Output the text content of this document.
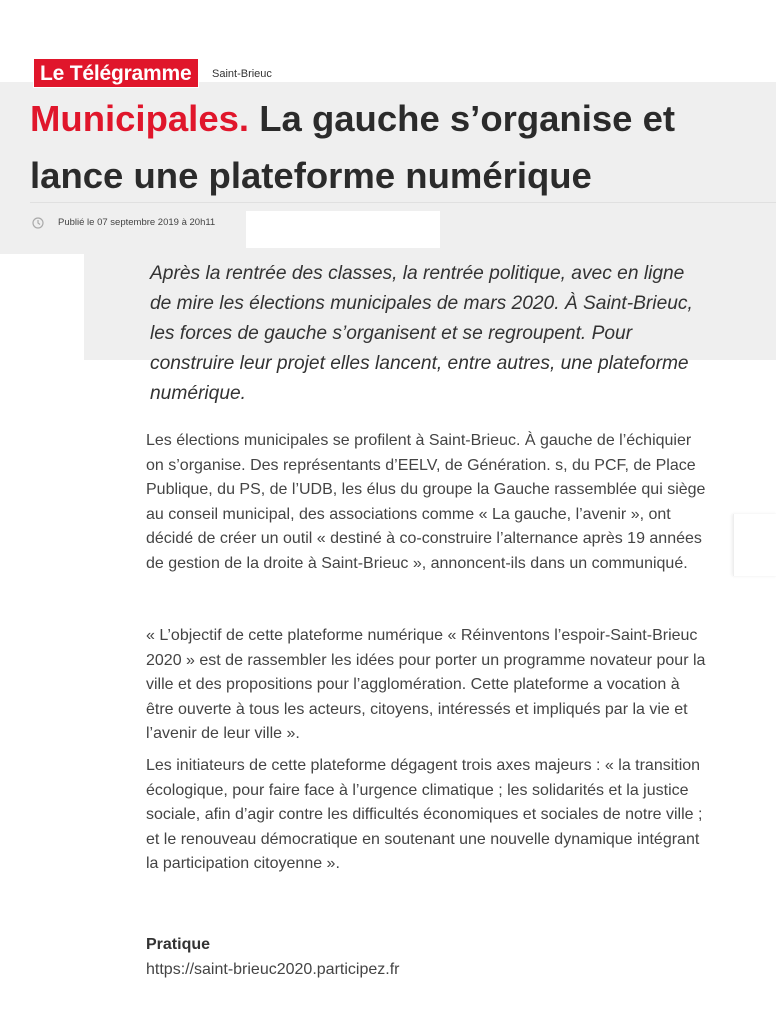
Le Télégramme	Saint-Brieuc
Municipales. La gauche s’organise et
lance une plateforme numérique
Publié le 07 septembre 2019 à 20h11

Après la rentrée des classes, la rentrée politique, avec en ligne de mire les élections municipales de mars 2020. À Saint-Brieuc, les forces de gauche s’organisent et se regroupent. Pour construire leur projet elles lancent, entre autres, une plateforme numérique.

Les élections municipales se profilent à Saint-Brieuc. À gauche de l’échiquier on s’organise. Des représentants d’EELV, de Génération. s, du PCF, de Place Publique, du PS, de l’UDB, les élus du groupe la Gauche rassemblée qui siège au conseil municipal, des associations comme « La gauche, l’avenir », ont décidé de créer un outil « destiné à co-construire l’alternance après 19 années de gestion de la droite à Saint-Brieuc », annoncent-ils dans un communiqué.

« L’objectif de cette plateforme numérique « Réinventons l’espoir-Saint-Brieuc 2020 » est de rassembler les idées pour porter un programme novateur pour la ville et des propositions pour l’agglomération. Cette plateforme a vocation à être ouverte à tous les acteurs, citoyens, intéressés et impliqués par la vie et l’avenir de leur ville ».

Les initiateurs de cette plateforme dégagent trois axes majeurs : « la transition écologique, pour faire face à l’urgence climatique ; les solidarités et la justice sociale, afin d’agir contre les difficultés économiques et sociales de notre ville ; et le renouveau démocratique en soutenant une nouvelle dynamique intégrant la participation citoyenne ».

Pratique
https://saint-brieuc2020.participez.fr
